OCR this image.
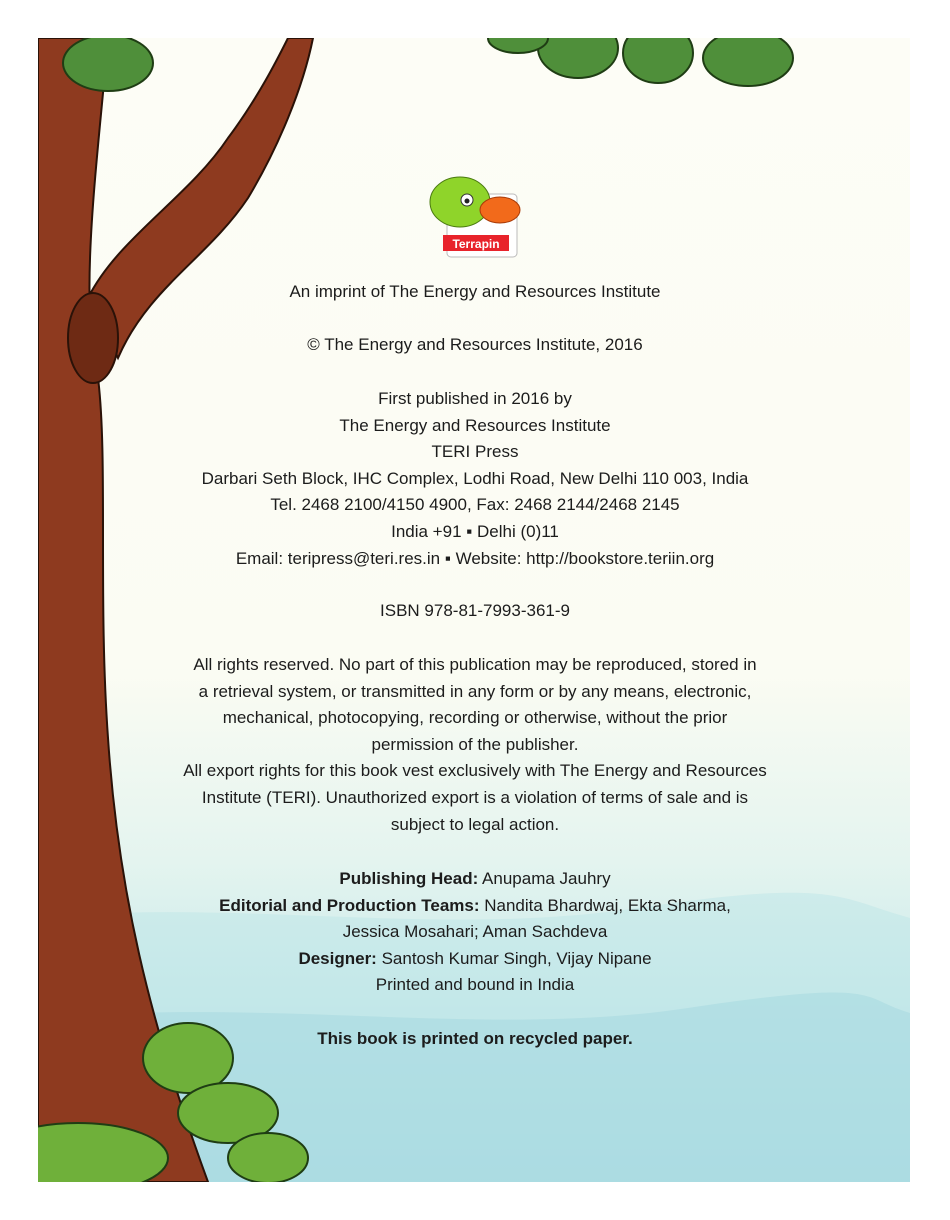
Terrapin
An imprint of The Energy and Resources Institute
© The Energy and Resources Institute, 2016
First published in 2016 by
The Energy and Resources Institute
TERI Press
Darbari Seth Block, IHC Complex, Lodhi Road, New Delhi 110 003, India
Tel. 2468 2100/4150 4900, Fax: 2468 2144/2468 2145
India +91 ▪ Delhi (0)11
Email: teripress@teri.res.in ▪ Website: http://bookstore.teriin.org
ISBN 978-81-7993-361-9
All rights reserved. No part of this publication may be reproduced, stored in
a retrieval system, or transmitted in any form or by any means, electronic,
mechanical, photocopying, recording or otherwise, without the prior
permission of the publisher.
All export rights for this book vest exclusively with The Energy and Resources
Institute (TERI). Unauthorized export is a violation of terms of sale and is
subject to legal action.
Publishing Head: Anupama Jauhry
Editorial and Production Teams: Nandita Bhardwaj, Ekta Sharma,
Jessica Mosahari; Aman Sachdeva
Designer: Santosh Kumar Singh, Vijay Nipane
Printed and bound in India
This book is printed on recycled paper.
